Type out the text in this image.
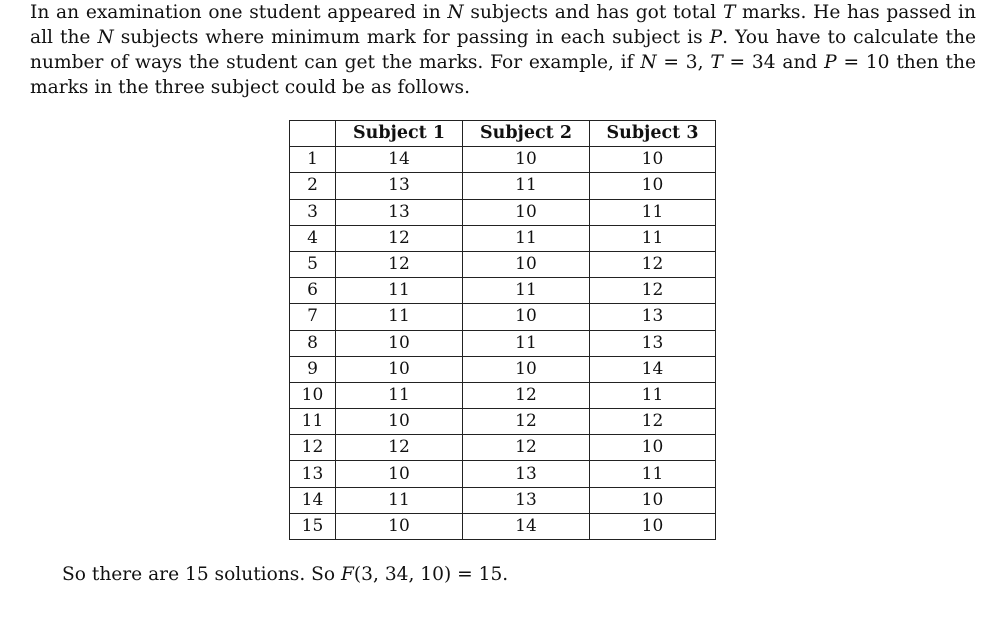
In an examination one student appeared in N subjects and has got total T marks. He has passed in all the N subjects where minimum mark for passing in each subject is P. You have to calculate the number of ways the student can get the marks. For example, if N = 3, T = 34 and P = 10 then the marks in the three subject could be as follows.

	Subject 1	Subject 2	Subject 3
1	14	10	10
2	13	11	10
3	13	10	11
4	12	11	11
5	12	10	12
6	11	11	12
7	11	10	13
8	10	11	13
9	10	10	14
10	11	12	11
11	10	12	12
12	12	12	10
13	10	13	11
14	11	13	10
15	10	14	10

So there are 15 solutions. So F(3, 34, 10) = 15.
